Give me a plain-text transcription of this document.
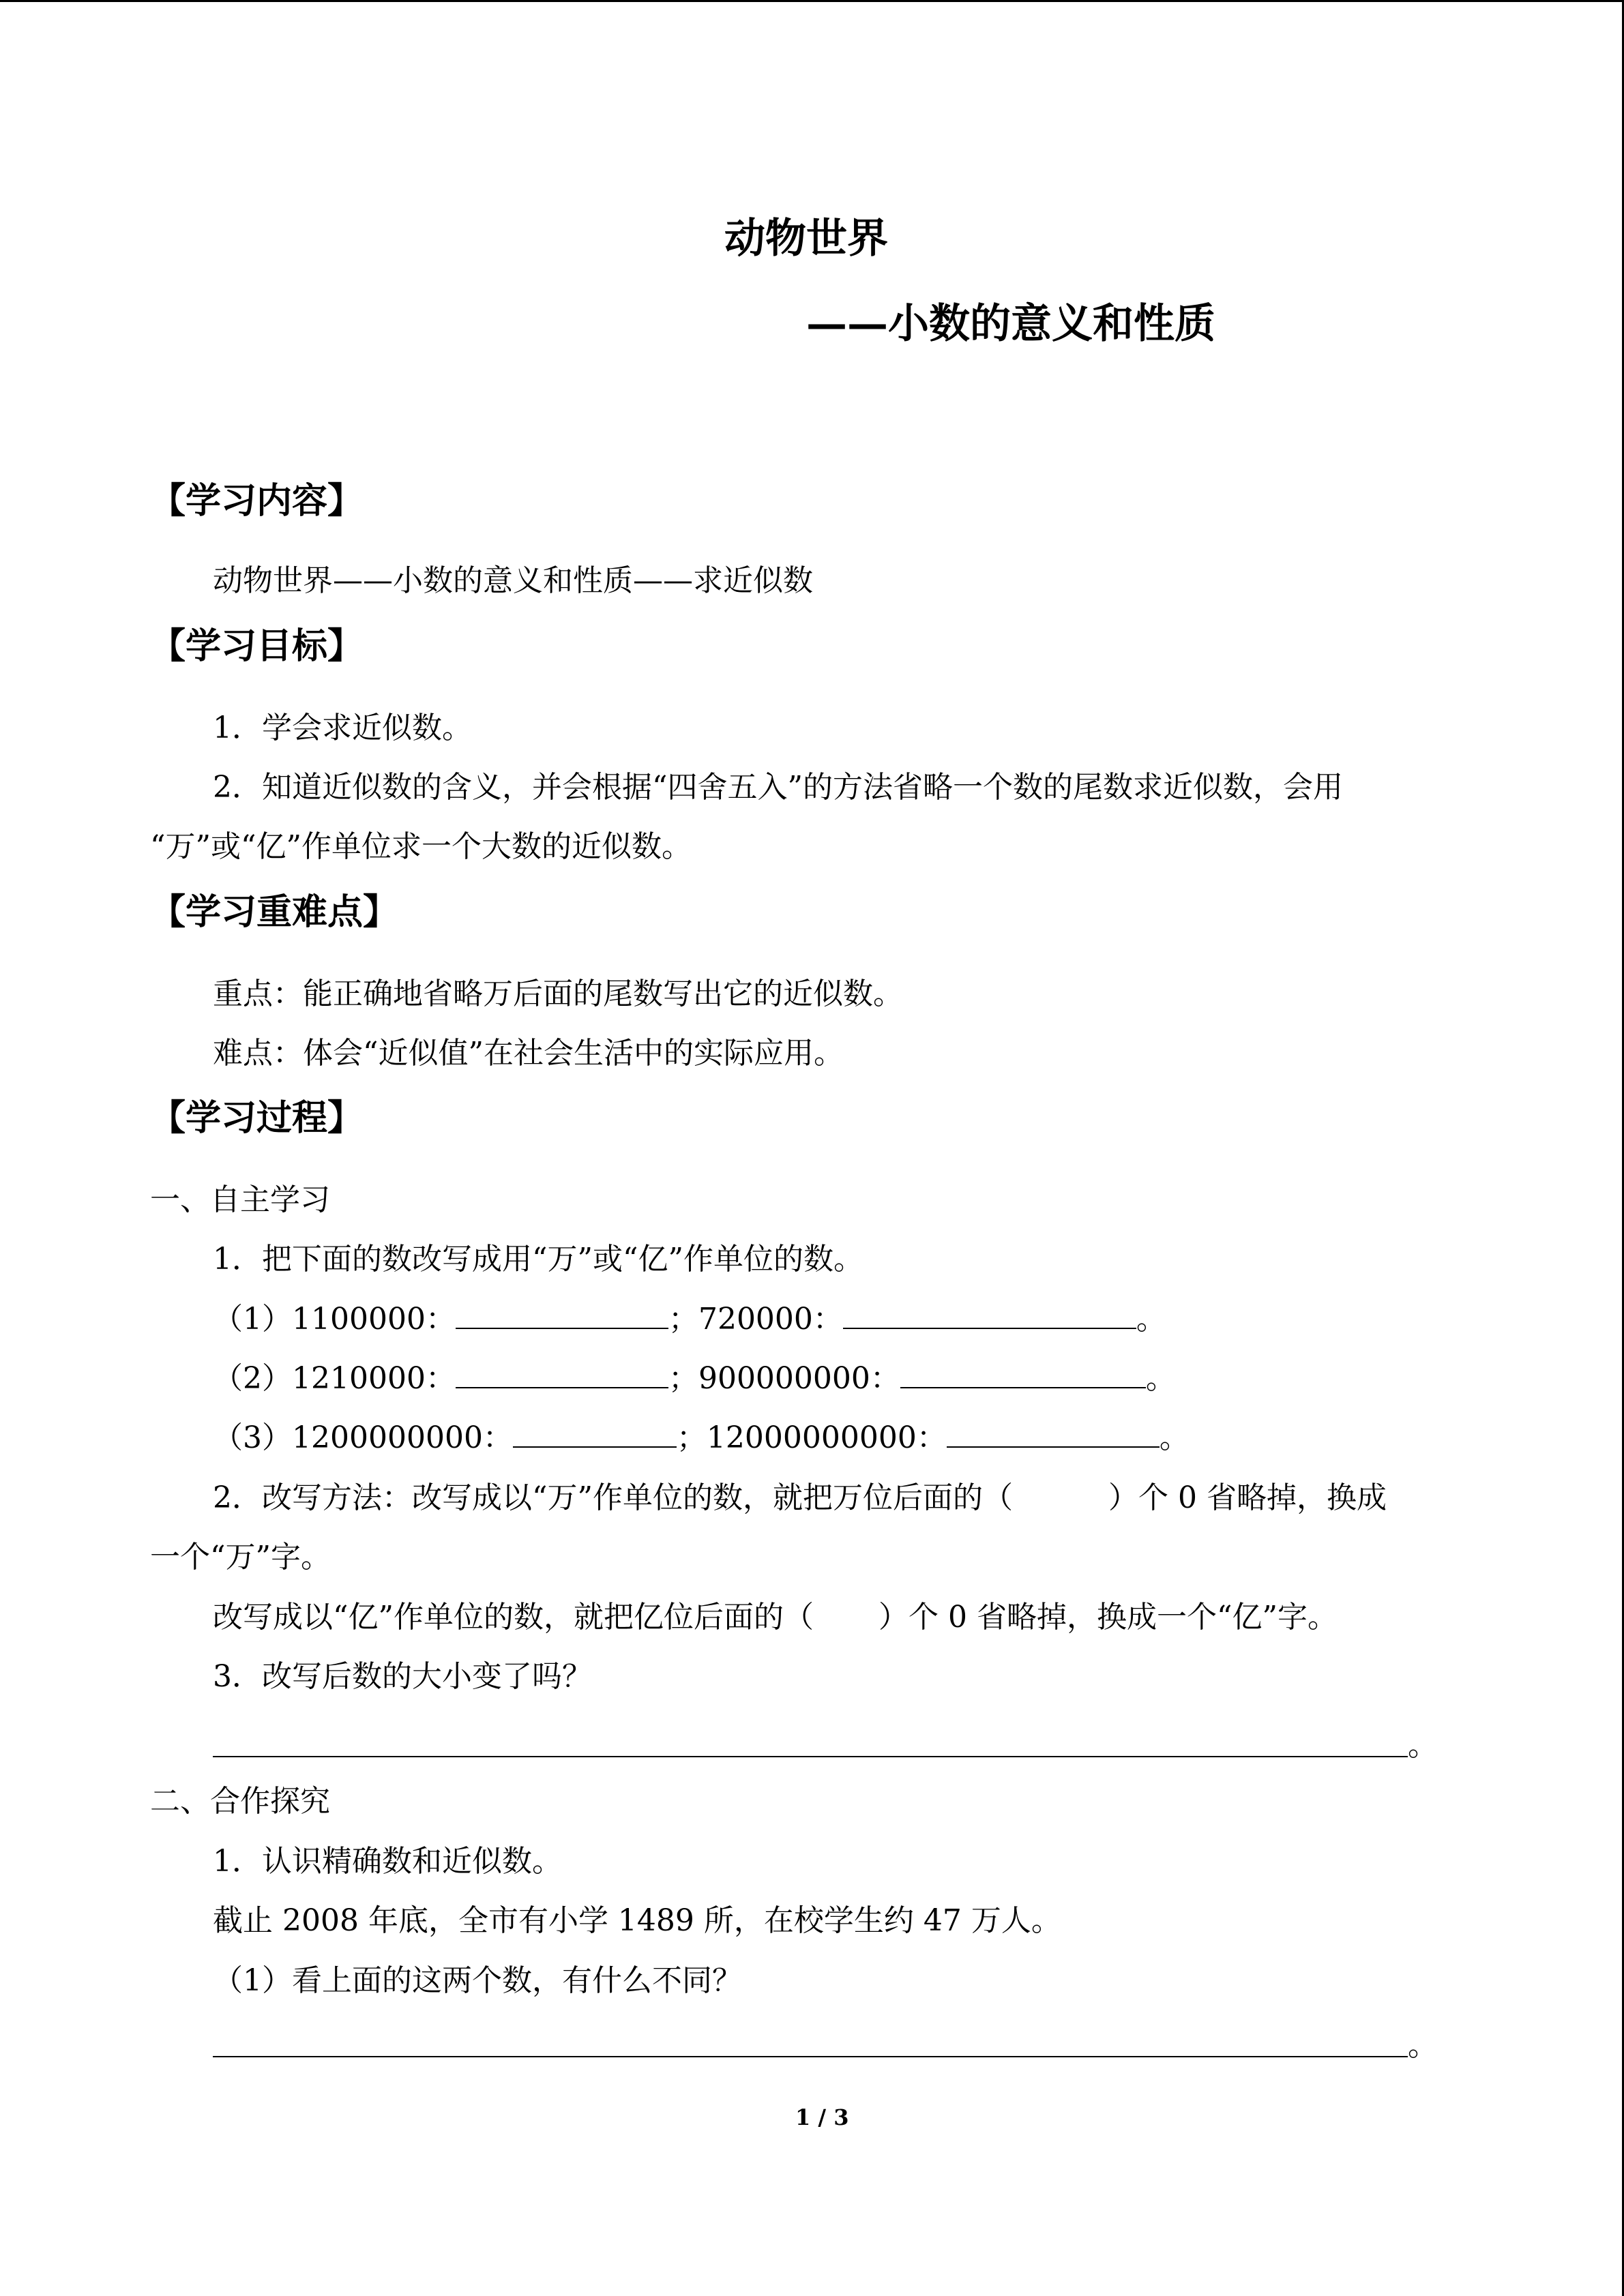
动物世界
——小数的意义和性质
【学习内容】
动物世界——小数的意义和性质——求近似数
【学习目标】
1．学会求近似数。
2．知道近似数的含义，并会根据“四舍五入”的方法省略一个数的尾数求近似数，会用
“万”或“亿”作单位求一个大数的近似数。
【学习重难点】
重点：能正确地省略万后面的尾数写出它的近似数。
难点：体会“近似值”在社会生活中的实际应用。
【学习过程】
一、自主学习
1．把下面的数改写成用“万”或“亿”作单位的数。
（1）1100000：	；720000：	。
（2）1210000：	；900000000：	。
（3）1200000000：	；12000000000：	。
2．改写方法：改写成以“万”作单位的数，就把万位后面的（	）个 0 省略掉，换成
一个“万”字。
改写成以“亿”作单位的数，就把亿位后面的（ ）个 0 省略掉，换成一个“亿”字。
3．改写后数的大小变了吗？
。
二、合作探究
1．认识精确数和近似数。
截止 2008 年底，全市有小学 1489 所，在校学生约 47 万人。
（1）看上面的这两个数，有什么不同？
。
1 / 3
